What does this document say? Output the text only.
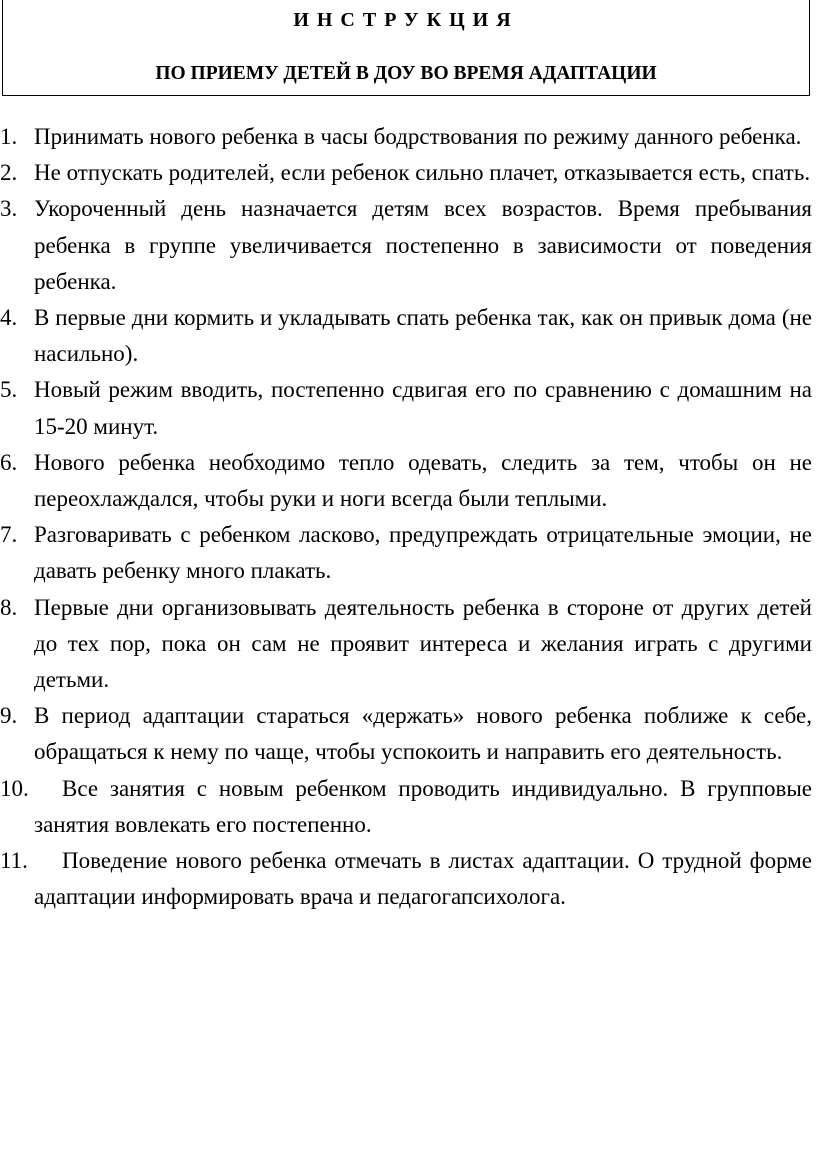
ИНСТРУКЦИЯ
ПО ПРИЕМУ ДЕТЕЙ В ДОУ ВО ВРЕМЯ АДАПТАЦИИ
1. Принимать нового ребенка в часы бодрствования по режиму данного ребенка.
2. Не отпускать родителей, если ребенок сильно плачет, отказывается есть, спать.
3. Укороченный день назначается детям всех возрастов. Время пребывания ребенка в группе увеличивается постепенно в зависимости от поведения ребенка.
4. В первые дни кормить и укладывать спать ребенка так, как он привык дома (не насильно).
5. Новый режим вводить, постепенно сдвигая его по сравнению с домашним на 15-20 минут.
6. Нового ребенка необходимо тепло одевать, следить за тем, чтобы он не переохлаждался, чтобы руки и ноги всегда были теплыми.
7. Разговаривать с ребенком ласково, предупреждать отрицательные эмоции, не давать ребенку много плакать.
8. Первые дни организовывать деятельность ребенка в стороне от других детей до тех пор, пока он сам не проявит интереса и желания играть с другими детьми.
9. В период адаптации стараться «держать» нового ребенка поближе к себе, обращаться к нему по чаще, чтобы успокоить и направить его деятельность.
10.	Все занятия с новым ребенком проводить индивидуально. В групповые занятия вовлекать его постепенно.
11.	Поведение нового ребенка отмечать в листах адаптации. О трудной форме адаптации информировать врача и педагогапсихолога.
